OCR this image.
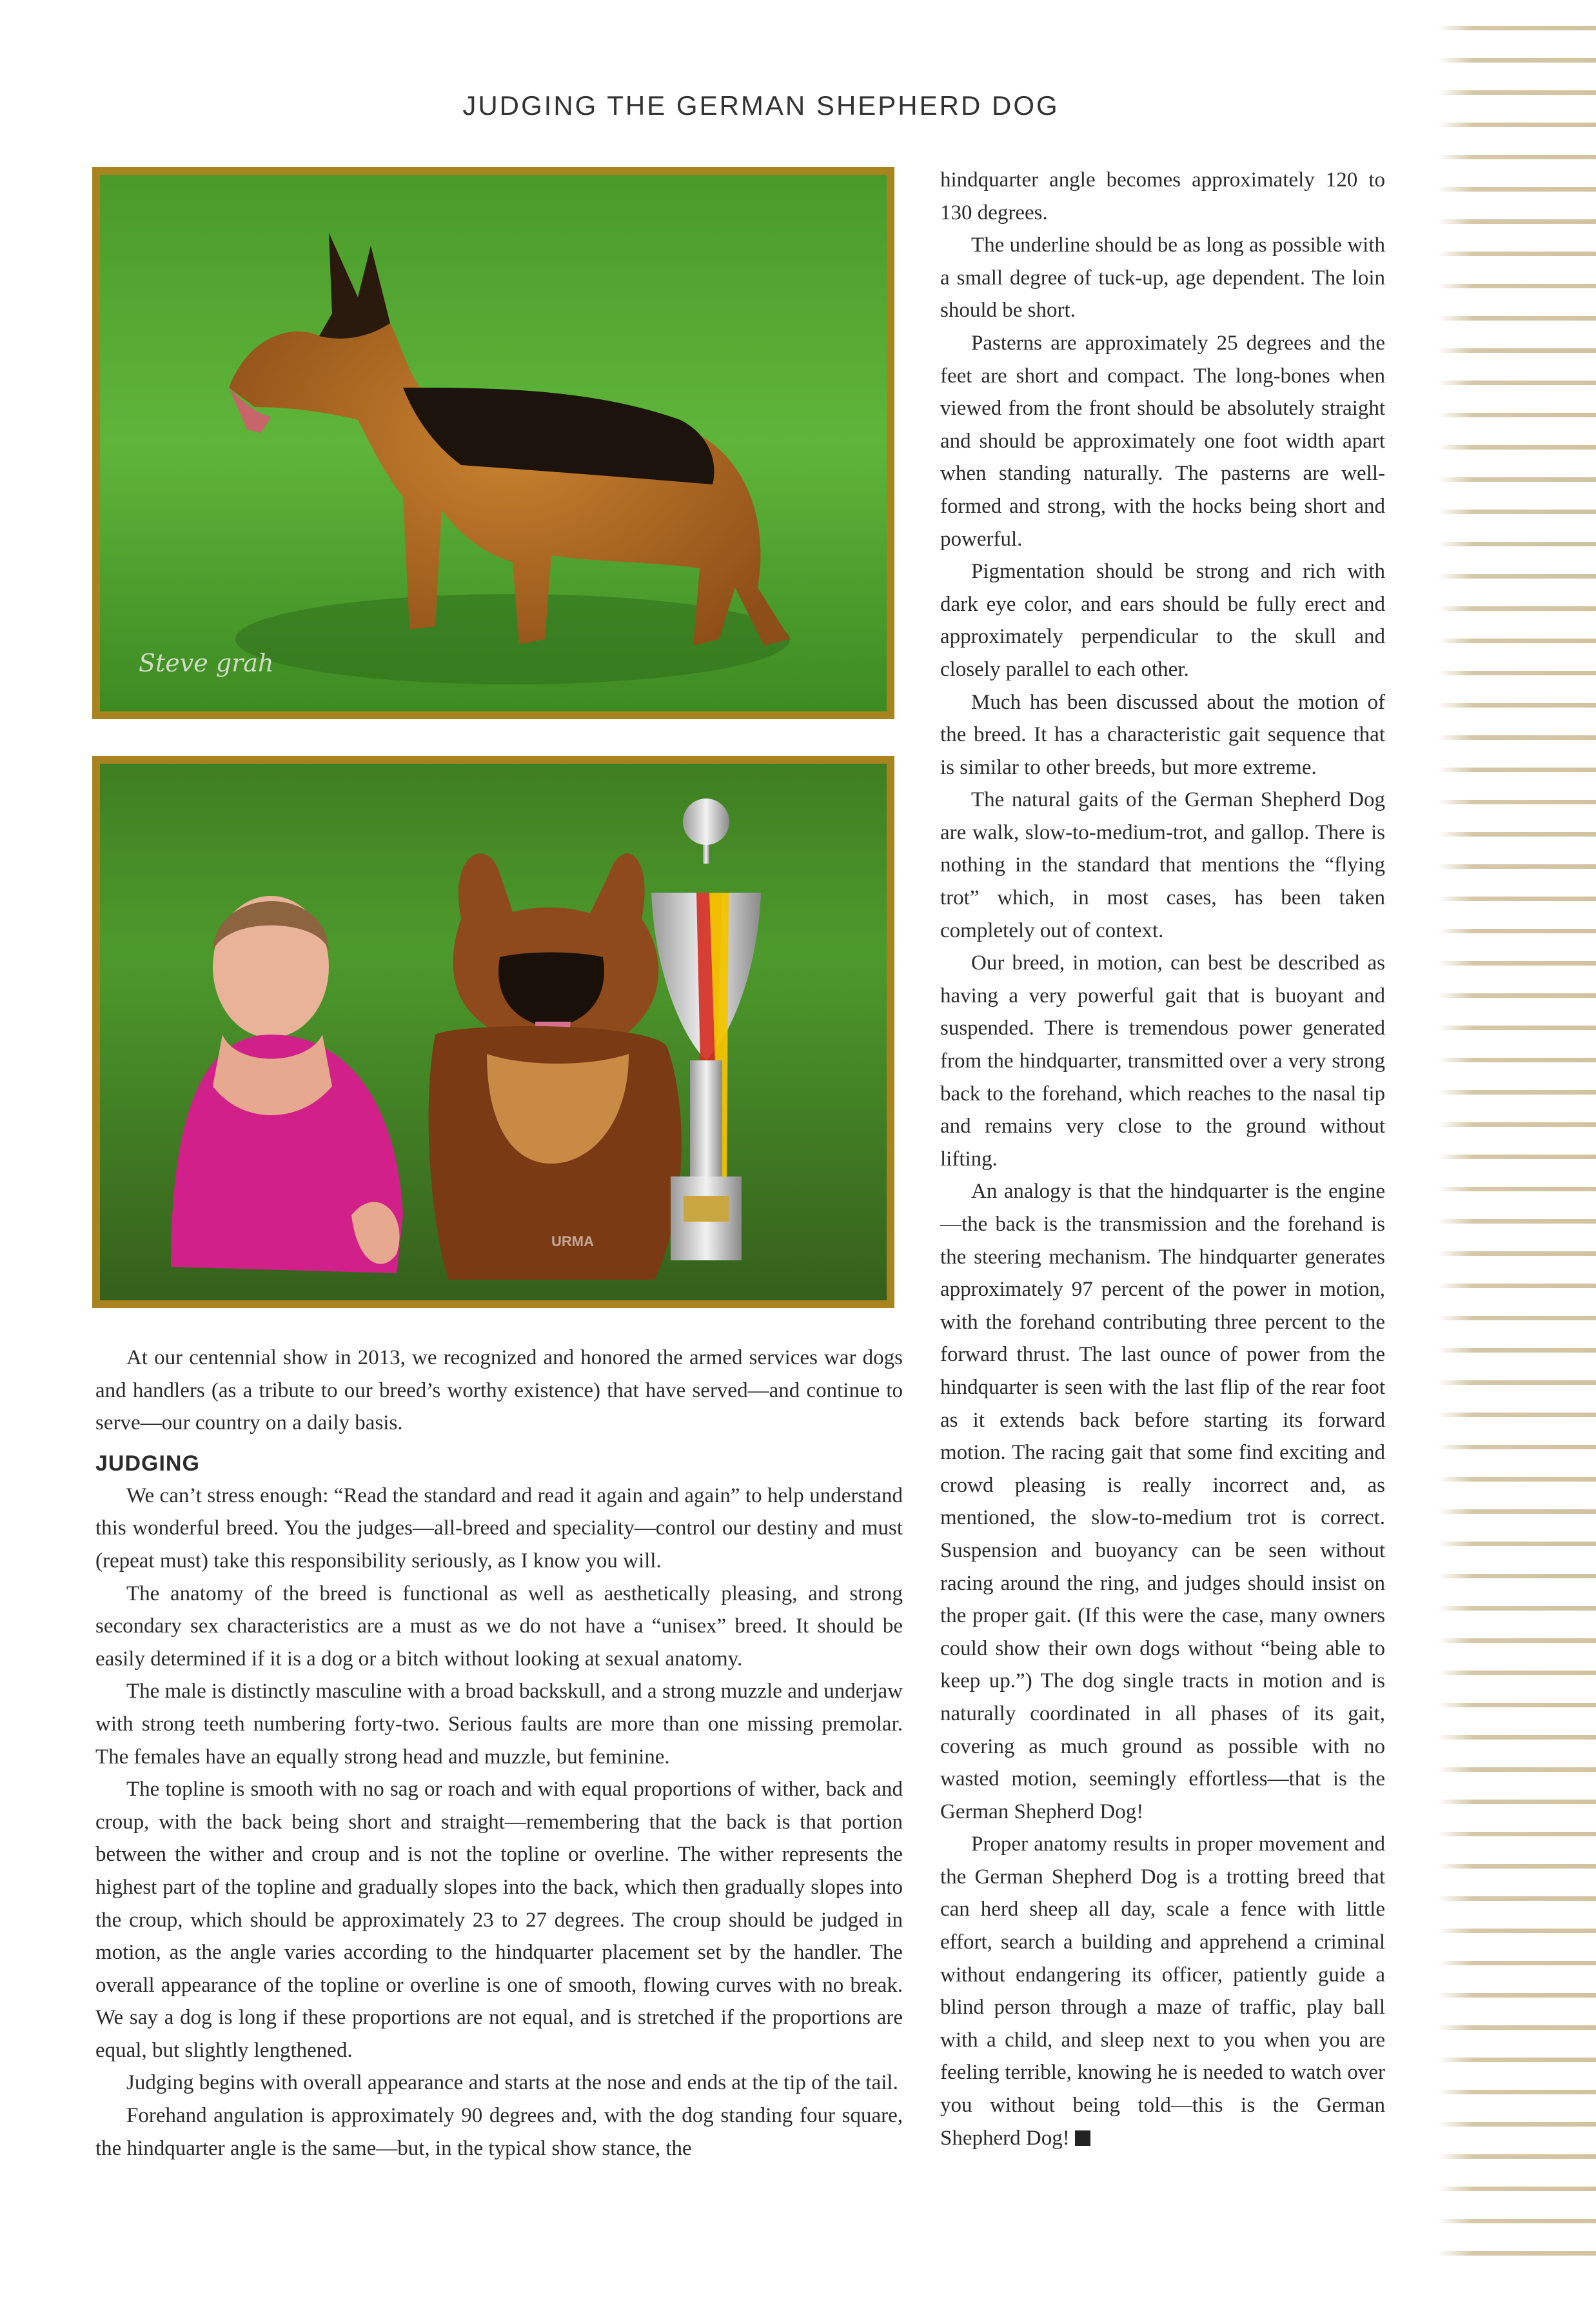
JUDGING THE GERMAN SHEPHERD DOG
Steve grah
URMA

At our centennial show in 2013, we recognized and honored the armed services war dogs and handlers (as a tribute to our breed’s worthy existence) that have served—and continue to serve—our country on a daily basis.

JUDGING

We can’t stress enough: “Read the standard and read it again and again” to help understand this wonderful breed. You the judges—all-breed and speciality—control our destiny and must (repeat must) take this responsibility seriously, as I know you will.

The anatomy of the breed is functional as well as aesthetically pleasing, and strong secondary sex characteristics are a must as we do not have a “unisex” breed. It should be easily determined if it is a dog or a bitch without looking at sexual anatomy.

The male is distinctly masculine with a broad backskull, and a strong muzzle and underjaw with strong teeth numbering forty-two. Serious faults are more than one missing premolar. The females have an equally strong head and muzzle, but feminine.

The topline is smooth with no sag or roach and with equal proportions of wither, back and croup, with the back being short and straight—remembering that the back is that portion between the wither and croup and is not the topline or overline. The wither represents the highest part of the topline and gradually slopes into the back, which then gradually slopes into the croup, which should be approximately 23 to 27 degrees. The croup should be judged in motion, as the angle varies according to the hindquarter placement set by the handler. The overall appearance of the topline or overline is one of smooth, flowing curves with no break. We say a dog is long if these proportions are not equal, and is stretched if the proportions are equal, but slightly lengthened.

Judging begins with overall appearance and starts at the nose and ends at the tip of the tail.

Forehand angulation is approximately 90 degrees and, with the dog standing four square, the hindquarter angle is the same—but, in the typical show stance, the

hindquarter angle becomes approximately 120 to 130 degrees.

The underline should be as long as possible with a small degree of tuck-up, age dependent. The loin should be short.

Pasterns are approximately 25 degrees and the feet are short and compact. The long-bones when viewed from the front should be absolutely straight and should be approximately one foot width apart when standing naturally. The pasterns are well-formed and strong, with the hocks being short and powerful.

Pigmentation should be strong and rich with dark eye color, and ears should be fully erect and approximately perpendicular to the skull and closely parallel to each other.

Much has been discussed about the motion of the breed. It has a characteristic gait sequence that is similar to other breeds, but more extreme.

The natural gaits of the German Shepherd Dog are walk, slow-to-medium-trot, and gallop. There is nothing in the standard that mentions the “flying trot” which, in most cases, has been taken completely out of context.

Our breed, in motion, can best be described as having a very powerful gait that is buoyant and suspended. There is tremendous power generated from the hindquarter, transmitted over a very strong back to the forehand, which reaches to the nasal tip and remains very close to the ground without lifting.

An analogy is that the hindquarter is the engine—the back is the transmission and the forehand is the steering mechanism. The hindquarter generates approximately 97 percent of the power in motion, with the forehand contributing three percent to the forward thrust. The last ounce of power from the hindquarter is seen with the last flip of the rear foot as it extends back before starting its forward motion. The racing gait that some find exciting and crowd pleasing is really incorrect and, as mentioned, the slow-to-medium trot is correct. Suspension and buoyancy can be seen without racing around the ring, and judges should insist on the proper gait. (If this were the case, many owners could show their own dogs without “being able to keep up.”) The dog single tracts in motion and is naturally coordinated in all phases of its gait, covering as much ground as possible with no wasted motion, seemingly effortless—that is the German Shepherd Dog!

Proper anatomy results in proper movement and the German Shepherd Dog is a trotting breed that can herd sheep all day, scale a fence with little effort, search a building and apprehend a criminal without endangering its officer, patiently guide a blind person through a maze of traffic, play ball with a child, and sleep next to you when you are feeling terrible, knowing he is needed to watch over you without being told—this is the German Shepherd Dog!
